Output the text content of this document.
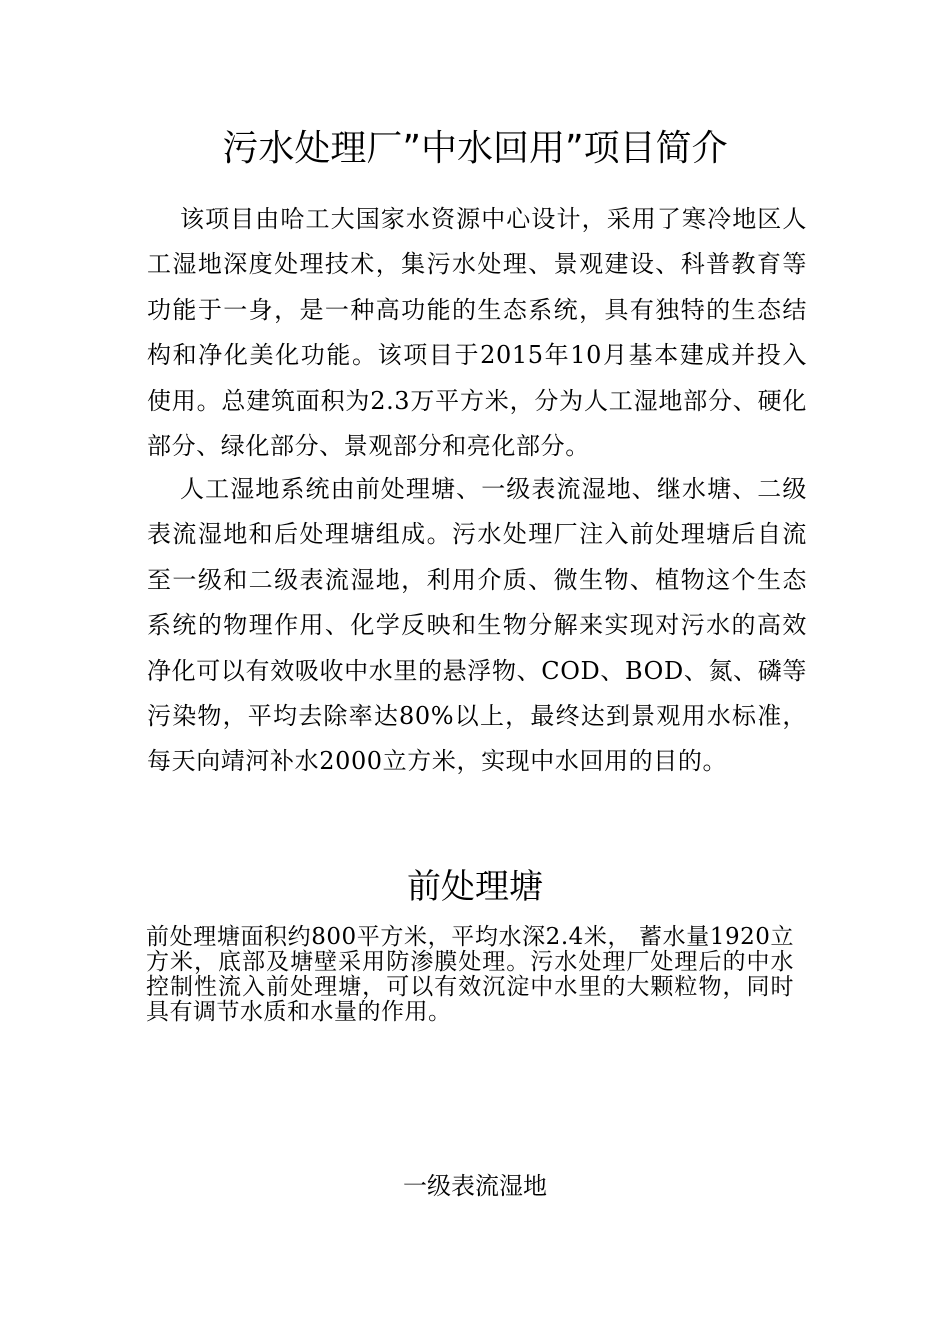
污水处理厂”中水回用”项目简介

该项目由哈工大国家水资源中心设计，采用了寒冷地区人工湿地深度处理技术，集污水处理、景观建设、科普教育等功能于一身，是一种高功能的生态系统，具有独特的生态结构和净化美化功能。该项目于2015年10月基本建成并投入使用。总建筑面积为2.3万平方米，分为人工湿地部分、硬化部分、绿化部分、景观部分和亮化部分。

人工湿地系统由前处理塘、一级表流湿地、继水塘、二级表流湿地和后处理塘组成。污水处理厂注入前处理塘后自流至一级和二级表流湿地，利用介质、微生物、植物这个生态系统的物理作用、化学反映和生物分解来实现对污水的高效净化可以有效吸收中水里的悬浮物、COD、BOD、氮、磷等污染物，平均去除率达80%以上，最终达到景观用水标准，每天向靖河补水2000立方米，实现中水回用的目的。

前处理塘

前处理塘面积约800平方米，平均水深2.4米， 蓄水量1920立方米，底部及塘壁采用防渗膜处理。污水处理厂处理后的中水控制性流入前处理塘，可以有效沉淀中水里的大颗粒物，同时具有调节水质和水量的作用。

一级表流湿地
